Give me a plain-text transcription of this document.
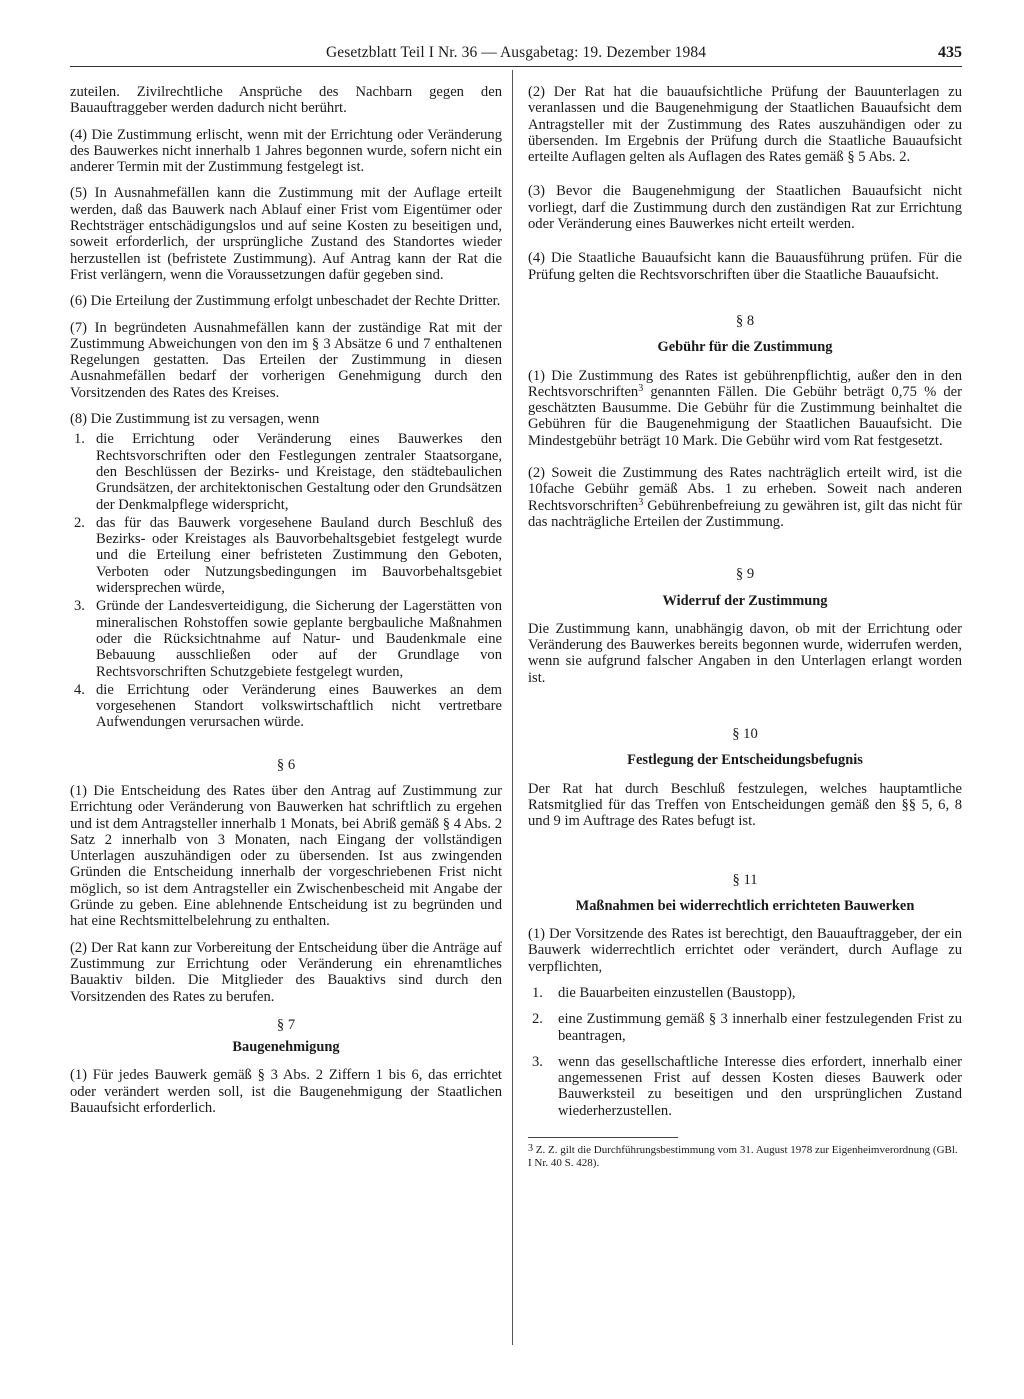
Gesetzblatt Teil I Nr. 36 — Ausgabetag: 19. Dezember 1984	435

zuteilen. Zivilrechtliche Ansprüche des Nachbarn gegen den Bauauftraggeber werden dadurch nicht berührt.

(4) Die Zustimmung erlischt, wenn mit der Errichtung oder Veränderung des Bauwerkes nicht innerhalb 1 Jahres begonnen wurde, sofern nicht ein anderer Termin mit der Zustimmung festgelegt ist.

(5) In Ausnahmefällen kann die Zustimmung mit der Auflage erteilt werden, daß das Bauwerk nach Ablauf einer Frist vom Eigentümer oder Rechtsträger entschädigungslos und auf seine Kosten zu beseitigen und, soweit erforderlich, der ursprüngliche Zustand des Standortes wieder herzustellen ist (befristete Zustimmung). Auf Antrag kann der Rat die Frist verlängern, wenn die Voraussetzungen dafür gegeben sind.

(6) Die Erteilung der Zustimmung erfolgt unbeschadet der Rechte Dritter.

(7) In begründeten Ausnahmefällen kann der zuständige Rat mit der Zustimmung Abweichungen von den im § 3 Absätze 6 und 7 enthaltenen Regelungen gestatten. Das Erteilen der Zustimmung in diesen Ausnahmefällen bedarf der vorherigen Genehmigung durch den Vorsitzenden des Rates des Kreises.

(8) Die Zustimmung ist zu versagen, wenn

1. die Errichtung oder Veränderung eines Bauwerkes den Rechtsvorschriften oder den Festlegungen zentraler Staatsorgane, den Beschlüssen der Bezirks- und Kreistage, den städtebaulichen Grundsätzen, der architektonischen Gestaltung oder den Grundsätzen der Denkmalpflege widerspricht,
2. das für das Bauwerk vorgesehene Bauland durch Beschluß des Bezirks- oder Kreistages als Bauvorbehaltsgebiet festgelegt wurde und die Erteilung einer befristeten Zustimmung den Geboten, Verboten oder Nutzungsbedingungen im Bauvorbehaltsgebiet widersprechen würde,
3. Gründe der Landesverteidigung, die Sicherung der Lagerstätten von mineralischen Rohstoffen sowie geplante bergbauliche Maßnahmen oder die Rücksichtnahme auf Natur- und Baudenkmale eine Bebauung ausschließen oder auf der Grundlage von Rechtsvorschriften Schutzgebiete festgelegt wurden,
4. die Errichtung oder Veränderung eines Bauwerkes an dem vorgesehenen Standort volkswirtschaftlich nicht vertretbare Aufwendungen verursachen würde.
§ 6

(1) Die Entscheidung des Rates über den Antrag auf Zustimmung zur Errichtung oder Veränderung von Bauwerken hat schriftlich zu ergehen und ist dem Antragsteller innerhalb 1 Monats, bei Abriß gemäß § 4 Abs. 2 Satz 2 innerhalb von 3 Monaten, nach Eingang der vollständigen Unterlagen auszuhändigen oder zu übersenden. Ist aus zwingenden Gründen die Entscheidung innerhalb der vorgeschriebenen Frist nicht möglich, so ist dem Antragsteller ein Zwischenbescheid mit Angabe der Gründe zu geben. Eine ablehnende Entscheidung ist zu begründen und hat eine Rechtsmittelbelehrung zu enthalten.

(2) Der Rat kann zur Vorbereitung der Entscheidung über die Anträge auf Zustimmung zur Errichtung oder Veränderung ein ehrenamtliches Bauaktiv bilden. Die Mitglieder des Bauaktivs sind durch den Vorsitzenden des Rates zu berufen.

§ 7
Baugenehmigung

(1) Für jedes Bauwerk gemäß § 3 Abs. 2 Ziffern 1 bis 6, das errichtet oder verändert werden soll, ist die Baugenehmigung der Staatlichen Bauaufsicht erforderlich.

(2) Der Rat hat die bauaufsichtliche Prüfung der Bauunterlagen zu veranlassen und die Baugenehmigung der Staatlichen Bauaufsicht dem Antragsteller mit der Zustimmung des Rates auszuhändigen oder zu übersenden. Im Ergebnis der Prüfung durch die Staatliche Bauaufsicht erteilte Auflagen gelten als Auflagen des Rates gemäß § 5 Abs. 2.

(3) Bevor die Baugenehmigung der Staatlichen Bauaufsicht nicht vorliegt, darf die Zustimmung durch den zuständigen Rat zur Errichtung oder Veränderung eines Bauwerkes nicht erteilt werden.

(4) Die Staatliche Bauaufsicht kann die Bauausführung prüfen. Für die Prüfung gelten die Rechtsvorschriften über die Staatliche Bauaufsicht.

§ 8
Gebühr für die Zustimmung

(1) Die Zustimmung des Rates ist gebührenpflichtig, außer den in den Rechtsvorschriften$^3$ genannten Fällen. Die Gebühr beträgt 0,75 % der geschätzten Bausumme. Die Gebühr für die Zustimmung beinhaltet die Gebühren für die Baugenehmigung der Staatlichen Bauaufsicht. Die Mindestgebühr beträgt 10 Mark. Die Gebühr wird vom Rat festgesetzt.

(2) Soweit die Zustimmung des Rates nachträglich erteilt wird, ist die 10fache Gebühr gemäß Abs. 1 zu erheben. Soweit nach anderen Rechtsvorschriften$^3$ Gebührenbefreiung zu gewähren ist, gilt das nicht für das nachträgliche Erteilen der Zustimmung.

§ 9
Widerruf der Zustimmung

Die Zustimmung kann, unabhängig davon, ob mit der Errichtung oder Veränderung des Bauwerkes bereits begonnen wurde, widerrufen werden, wenn sie aufgrund falscher Angaben in den Unterlagen erlangt worden ist.

§ 10
Festlegung der Entscheidungsbefugnis

Der Rat hat durch Beschluß festzulegen, welches hauptamtliche Ratsmitglied für das Treffen von Entscheidungen gemäß den §§ 5, 6, 8 und 9 im Auftrage des Rates befugt ist.

§ 11
Maßnahmen bei widerrechtlich errichteten Bauwerken

(1) Der Vorsitzende des Rates ist berechtigt, den Bauauftraggeber, der ein Bauwerk widerrechtlich errichtet oder verändert, durch Auflage zu verpflichten,

1. die Bauarbeiten einzustellen (Baustopp),
2. eine Zustimmung gemäß § 3 innerhalb einer festzulegenden Frist zu beantragen,
3. wenn das gesellschaftliche Interesse dies erfordert, innerhalb einer angemessenen Frist auf dessen Kosten dieses Bauwerk oder Bauwerksteil zu beseitigen und den ursprünglichen Zustand wiederherzustellen.
3 Z. Z. gilt die Durchführungsbestimmung vom 31. August 1978 zur Eigenheimverordnung (GBl. I Nr. 40 S. 428).
